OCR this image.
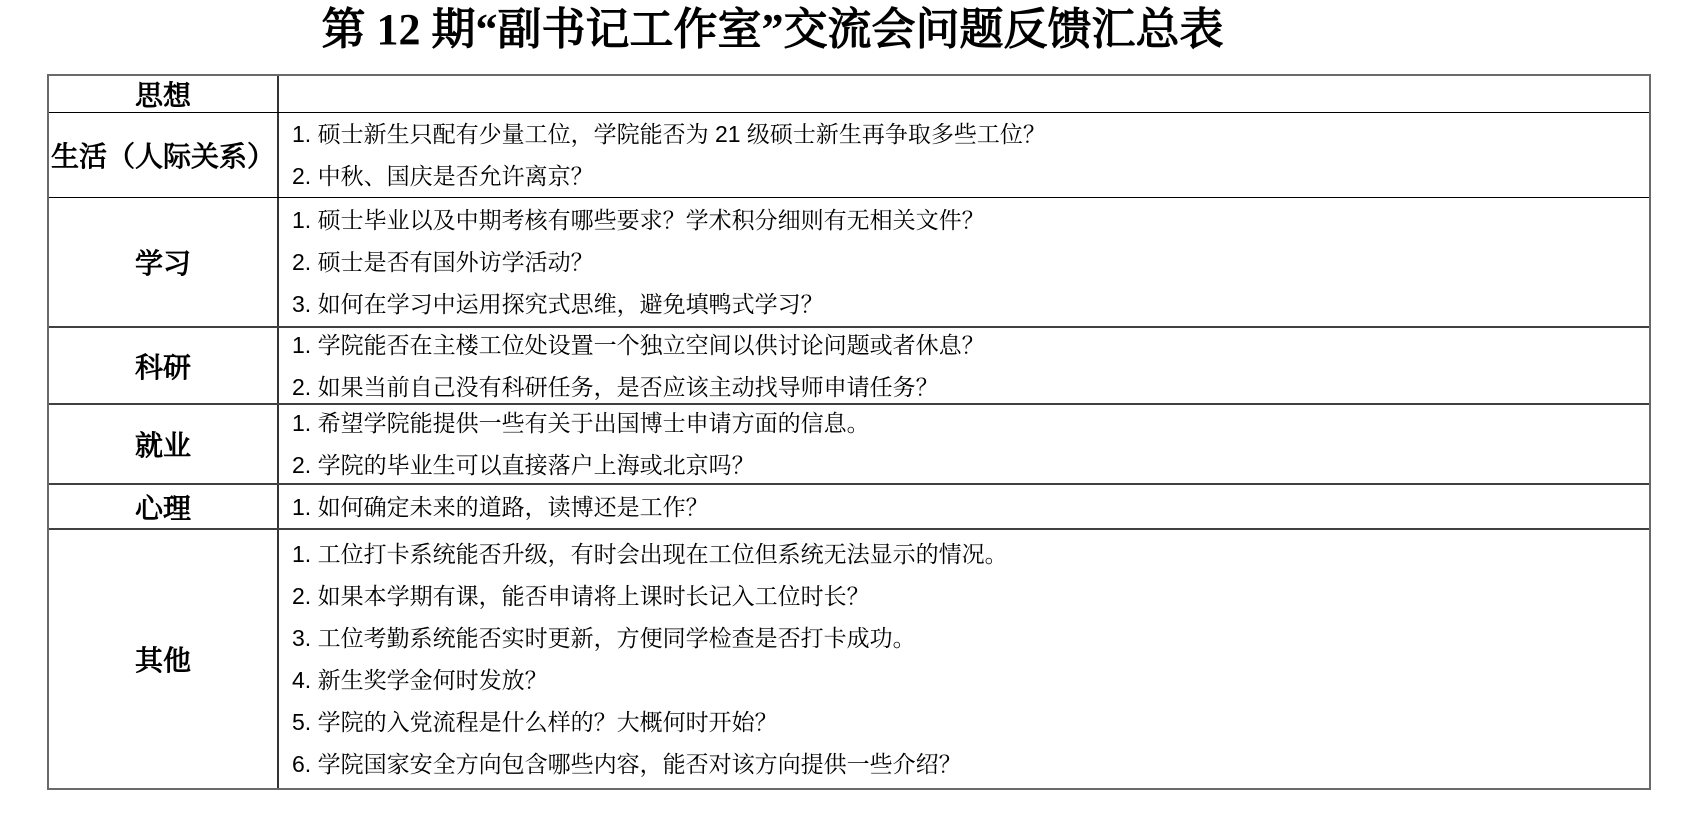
第 12 期“副书记工作室”交流会问题反馈汇总表
思想
生活（人际关系）
1. 硕士新生只配有少量工位，学院能否为 21 级硕士新生再争取多些工位？
2. 中秋、国庆是否允许离京？
学习
1. 硕士毕业以及中期考核有哪些要求？学术积分细则有无相关文件？
2. 硕士是否有国外访学活动？
3. 如何在学习中运用探究式思维，避免填鸭式学习？
科研
1. 学院能否在主楼工位处设置一个独立空间以供讨论问题或者休息？
2. 如果当前自己没有科研任务，是否应该主动找导师申请任务？
就业
1. 希望学院能提供一些有关于出国博士申请方面的信息。
2. 学院的毕业生可以直接落户上海或北京吗？
心理	1. 如何确定未来的道路，读博还是工作？
其他
1. 工位打卡系统能否升级，有时会出现在工位但系统无法显示的情况。
2. 如果本学期有课，能否申请将上课时长记入工位时长？
3. 工位考勤系统能否实时更新，方便同学检查是否打卡成功。
4. 新生奖学金何时发放？
5. 学院的入党流程是什么样的？大概何时开始？
6. 学院国家安全方向包含哪些内容，能否对该方向提供一些介绍？
